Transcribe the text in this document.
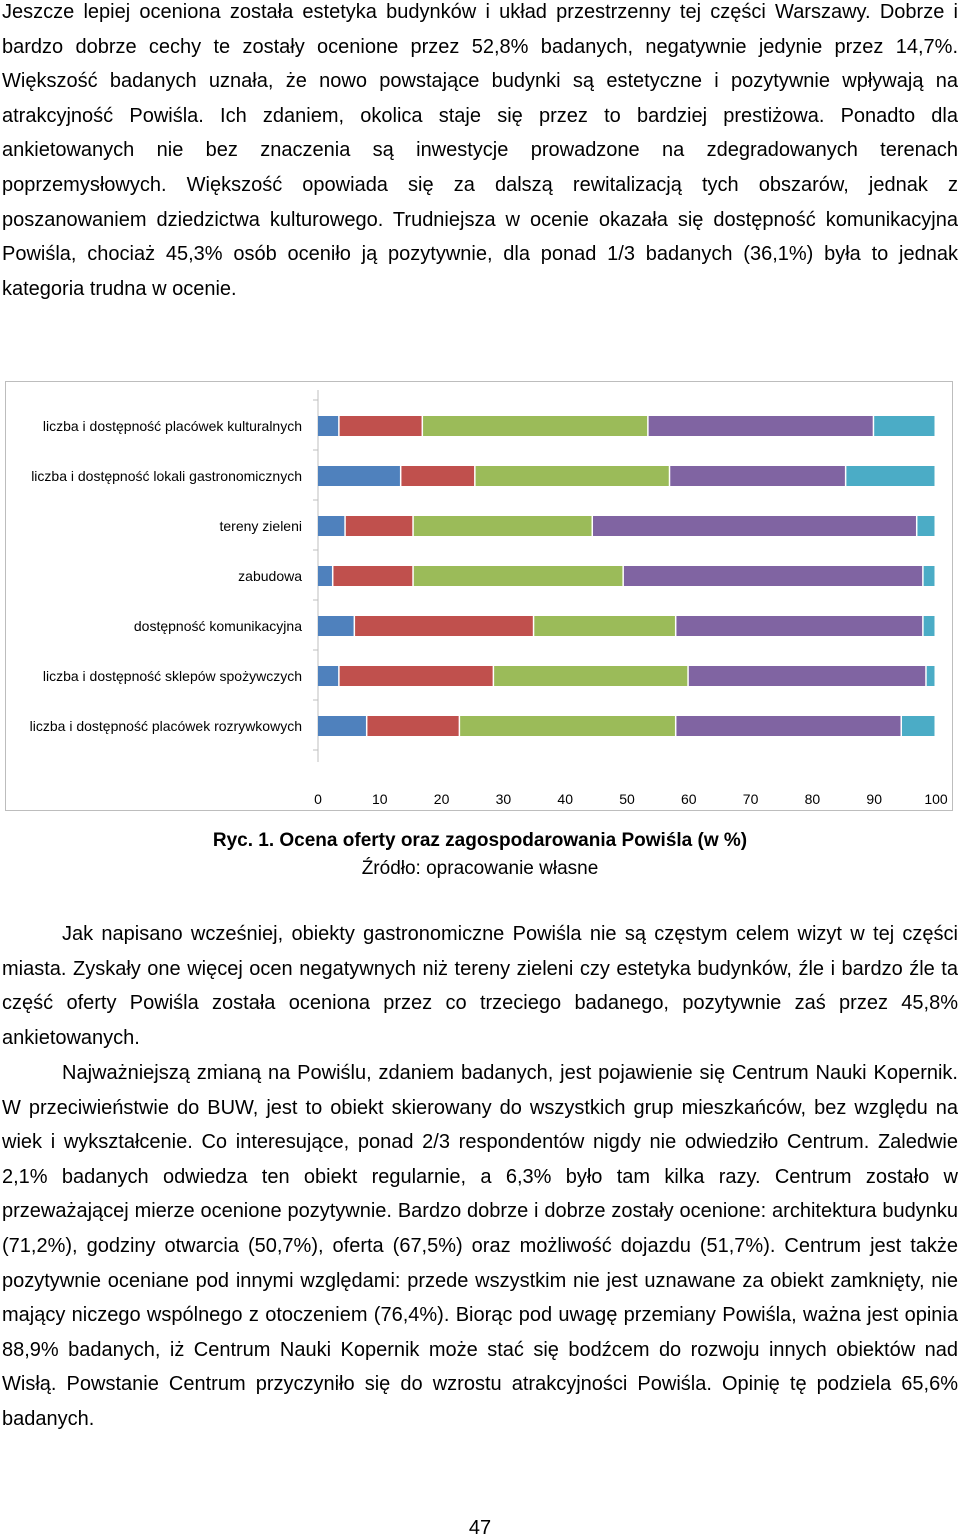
Jeszcze lepiej oceniona została estetyka budynków i układ przestrzenny tej części Warszawy. Dobrze i bardzo dobrze cechy te zostały ocenione przez 52,8% badanych, negatywnie jedynie przez 14,7%. Większość badanych uznała, że nowo powstające budynki są estetyczne i pozytywnie wpływają na atrakcyjność Powiśla. Ich zdaniem, okolica staje się przez to bardziej prestiżowa. Ponadto dla ankietowanych nie bez znaczenia są inwestycje prowadzone na zdegradowanych terenach poprzemysłowych. Większość opowiada się za dalszą rewitalizacją tych obszarów, jednak z poszanowaniem dziedzictwa kulturowego. Trudniejsza w ocenie okazała się dostępność komunikacyjna Powiśla, chociaż 45,3% osób oceniło ją pozytywnie, dla ponad 1/3 badanych (36,1%) była to jednak kategoria trudna w ocenie.

liczba i dostępność placówek kulturalnych
liczba i dostępność lokali gastronomicznych
tereny zieleni
zabudowa
dostępność komunikacyjna
liczba i dostępność sklepów spożywczych
liczba i dostępność placówek rozrywkowych
0	10	20	30	40	50	60	70	80	90	100

Ryc. 1. Ocena oferty oraz zagospodarowania Powiśla (w %)

Źródło: opracowanie własne

Jak napisano wcześniej, obiekty gastronomiczne Powiśla nie są częstym celem wizyt w tej części miasta. Zyskały one więcej ocen negatywnych niż tereny zieleni czy estetyka budynków, źle i bardzo źle ta część oferty Powiśla została oceniona przez co trzeciego badanego, pozytywnie zaś przez 45,8% ankietowanych.

Najważniejszą zmianą na Powiślu, zdaniem badanych, jest pojawienie się Centrum Nauki Kopernik. W przeciwieństwie do BUW, jest to obiekt skierowany do wszystkich grup mieszkańców, bez względu na wiek i wykształcenie. Co interesujące, ponad 2/3 respondentów nigdy nie odwiedziło Centrum. Zaledwie 2,1% badanych odwiedza ten obiekt regularnie, a 6,3% było tam kilka razy. Centrum zostało w przeważającej mierze ocenione pozytywnie. Bardzo dobrze i dobrze zostały ocenione: architektura budynku (71,2%), godziny otwarcia (50,7%), oferta (67,5%) oraz możliwość dojazdu (51,7%). Centrum jest także pozytywnie oceniane pod innymi względami: przede wszystkim nie jest uznawane za obiekt zamknięty, nie mający niczego wspólnego z otoczeniem (76,4%). Biorąc pod uwagę przemiany Powiśla, ważna jest opinia 88,9% badanych, iż Centrum Nauki Kopernik może stać się bodźcem do rozwoju innych obiektów nad Wisłą. Powstanie Centrum przyczyniło się do wzrostu atrakcyjności Powiśla. Opinię tę podziela 65,6% badanych.

47
